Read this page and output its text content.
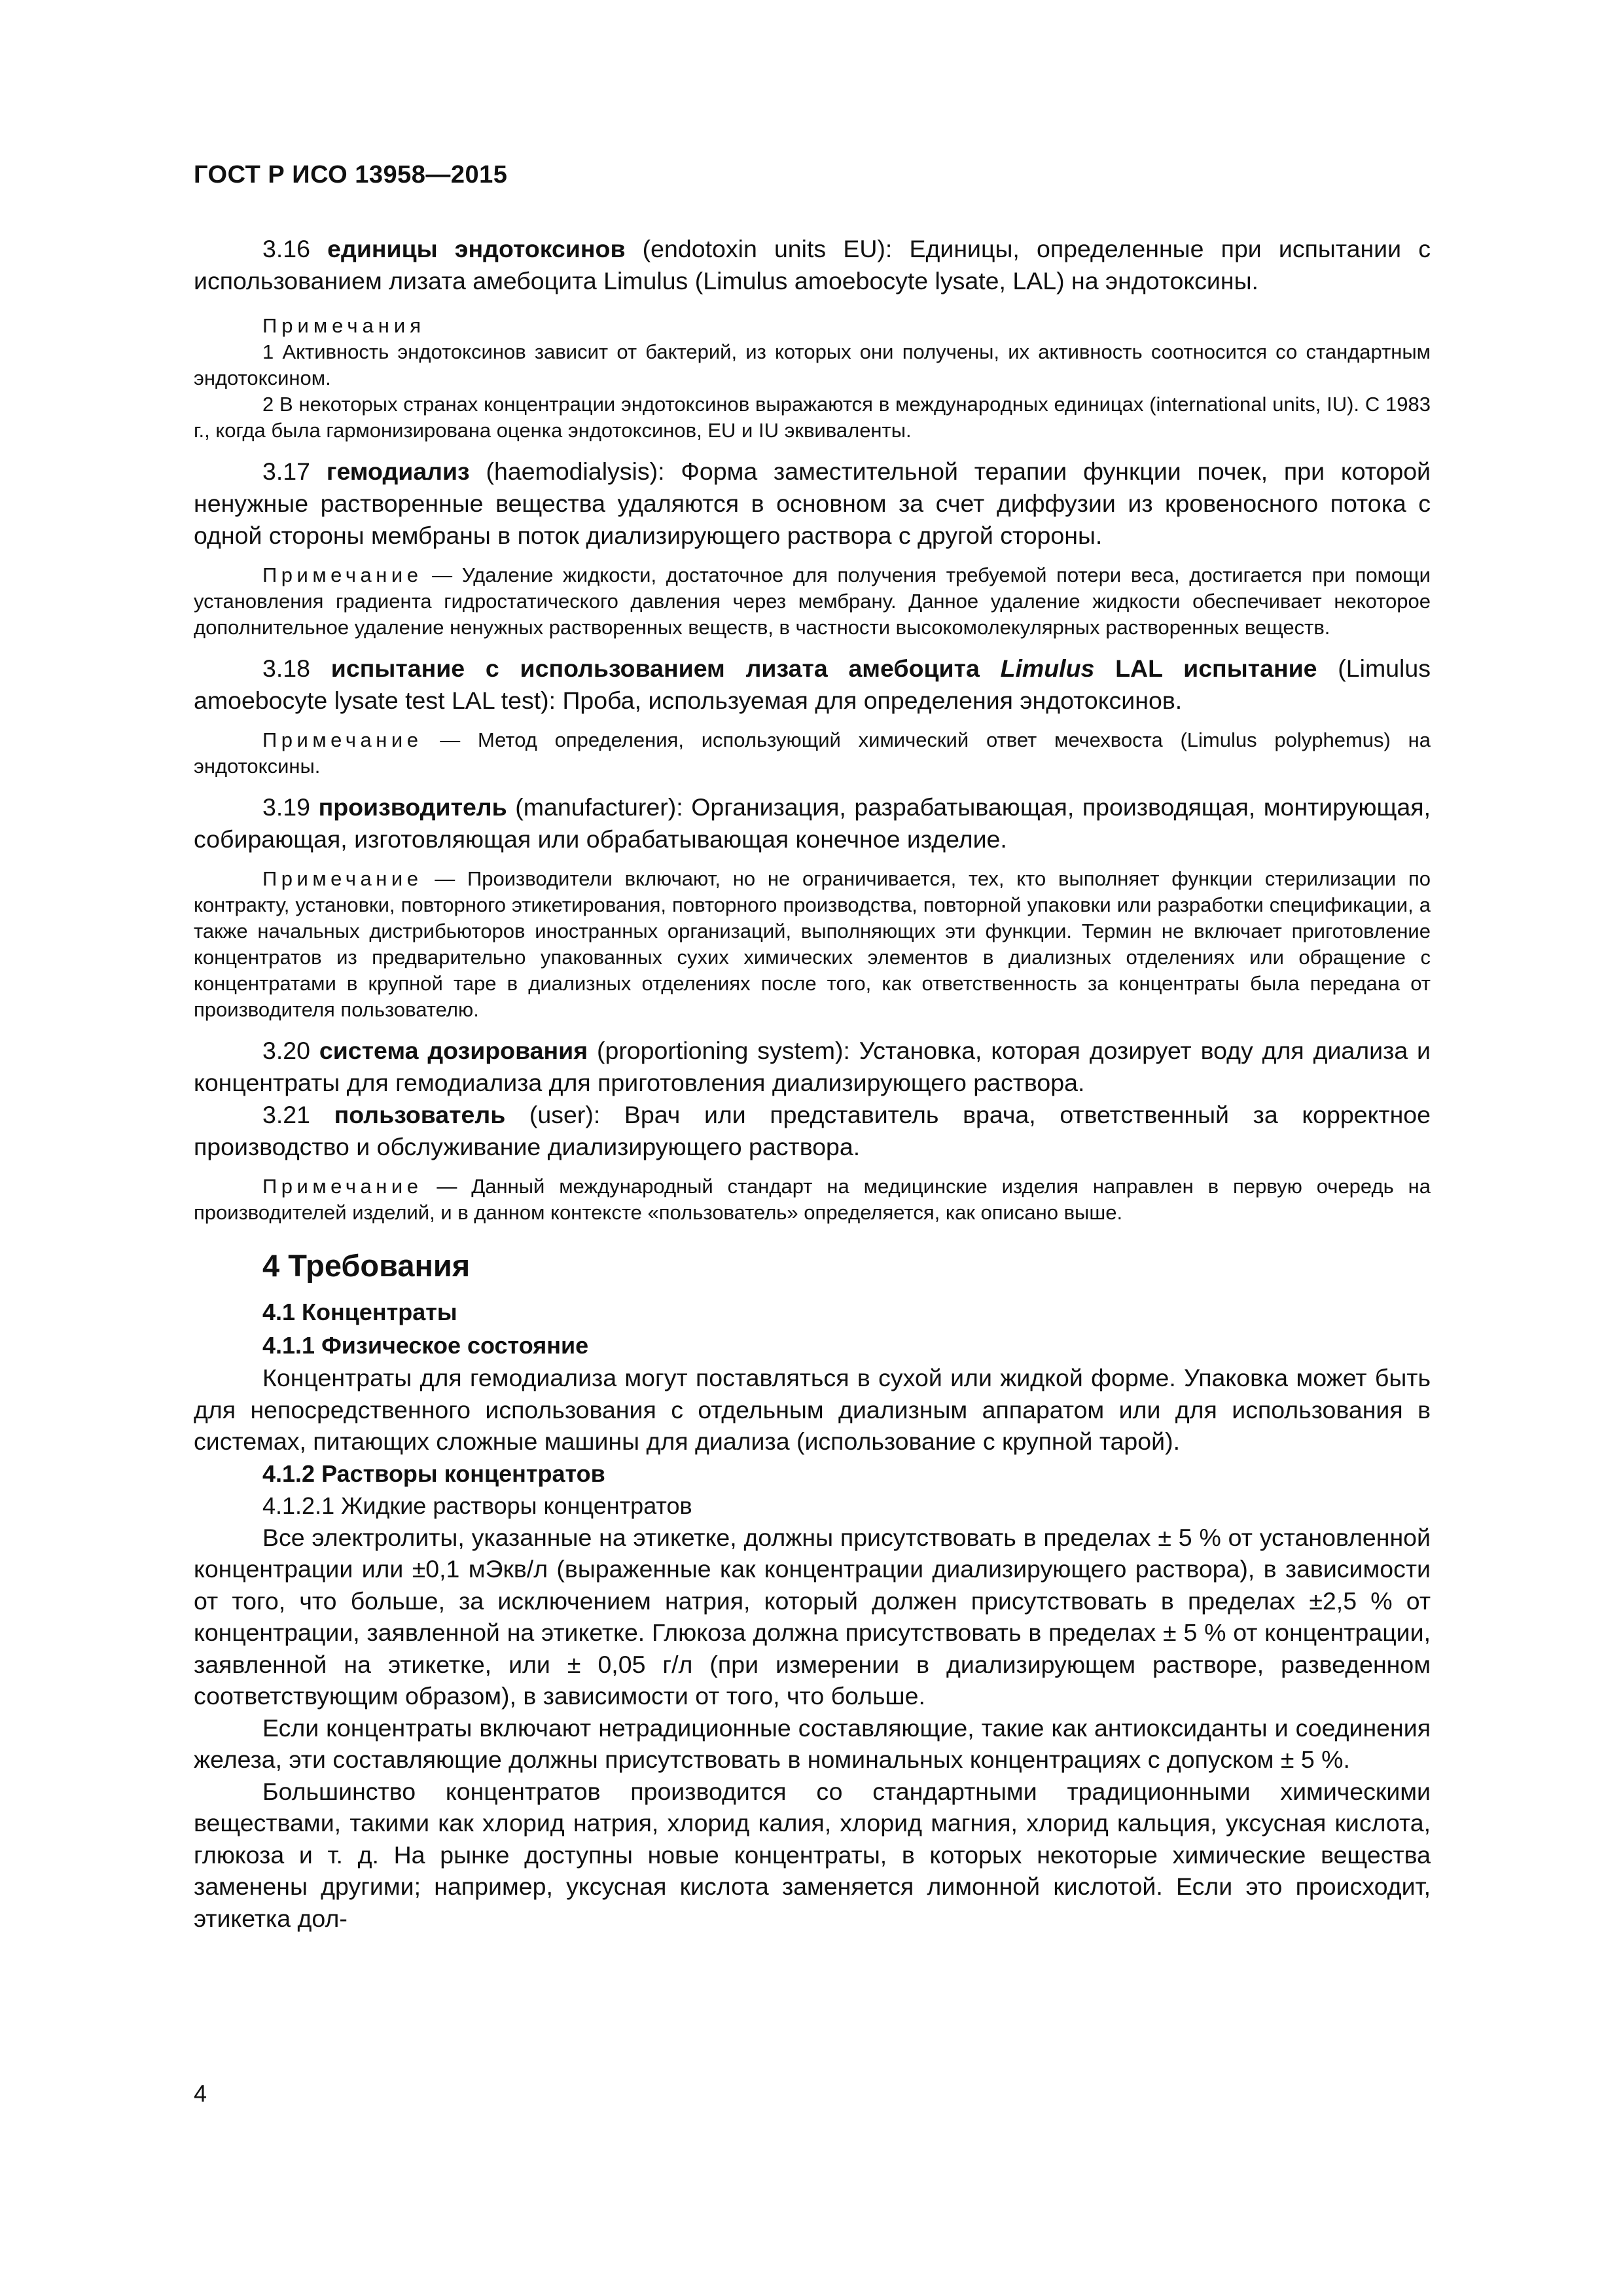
ГОСТ Р ИСО 13958—2015

3.16 единицы эндотоксинов (endotoxin units EU): Единицы, определенные при испытании с использованием лизата амебоцита Limulus (Limulus amoebocyte lysate, LAL) на эндотоксины.

Примечания

1 Активность эндотоксинов зависит от бактерий, из которых они получены, их активность соотносится со стандартным эндотоксином.

2 В некоторых странах концентрации эндотоксинов выражаются в международных единицах (international units, IU). С 1983 г., когда была гармонизирована оценка эндотоксинов, EU и IU эквиваленты.

3.17 гемодиализ (haemodialysis): Форма заместительной терапии функции почек, при которой ненужные растворенные вещества удаляются в основном за счет диффузии из кровеносного потока с одной стороны мембраны в поток диализирующего раствора с другой стороны.

Примечание — Удаление жидкости, достаточное для получения требуемой потери веса, достигается при помощи установления градиента гидростатического давления через мембрану. Данное удаление жидкости обеспечивает некоторое дополнительное удаление ненужных растворенных веществ, в частности высокомолекулярных растворенных веществ.

3.18 испытание с использованием лизата амебоцита Limulus LAL испытание (Limulus amoebocyte lysate test LAL test): Проба, используемая для определения эндотоксинов.

Примечание — Метод определения, использующий химический ответ мечехвоста (Limulus polyphemus) на эндотоксины.

3.19 производитель (manufacturer): Организация, разрабатывающая, производящая, монтирующая, собирающая, изготовляющая или обрабатывающая конечное изделие.

Примечание — Производители включают, но не ограничивается, тех, кто выполняет функции стерилизации по контракту, установки, повторного этикетирования, повторного производства, повторной упаковки или разработки спецификации, а также начальных дистрибьюторов иностранных организаций, выполняющих эти функции. Термин не включает приготовление концентратов из предварительно упакованных сухих химических элементов в диализных отделениях или обращение с концентратами в крупной таре в диализных отделениях после того, как ответственность за концентраты была передана от производителя пользователю.

3.20 система дозирования (proportioning system): Установка, которая дозирует воду для диализа и концентраты для гемодиализа для приготовления диализирующего раствора.

3.21 пользователь (user): Врач или представитель врача, ответственный за корректное производство и обслуживание диализирующего раствора.

Примечание — Данный международный стандарт на медицинские изделия направлен в первую очередь на производителей изделий, и в данном контексте «пользователь» определяется, как описано выше.

4 Требования
4.1 Концентраты
4.1.1 Физическое состояние

Концентраты для гемодиализа могут поставляться в сухой или жидкой форме. Упаковка может быть для непосредственного использования с отдельным диализным аппаратом или для использования в системах, питающих сложные машины для диализа (использование с крупной тарой).

4.1.2 Растворы концентратов
4.1.2.1 Жидкие растворы концентратов

Все электролиты, указанные на этикетке, должны присутствовать в пределах ± 5 % от установленной концентрации или ±0,1 мЭкв/л (выраженные как концентрации диализирующего раствора), в зависимости от того, что больше, за исключением натрия, который должен присутствовать в пределах ±2,5 % от концентрации, заявленной на этикетке. Глюкоза должна присутствовать в пределах ± 5 % от концентрации, заявленной на этикетке, или ± 0,05 г/л (при измерении в диализирующем растворе, разведенном соответствующим образом), в зависимости от того, что больше.

Если концентраты включают нетрадиционные составляющие, такие как антиоксиданты и соединения железа, эти составляющие должны присутствовать в номинальных концентрациях с допуском ± 5 %.

Большинство концентратов производится со стандартными традиционными химическими веществами, такими как хлорид натрия, хлорид калия, хлорид магния, хлорид кальция, уксусная кислота, глюкоза и т. д. На рынке доступны новые концентраты, в которых некоторые химические вещества заменены другими; например, уксусная кислота заменяется лимонной кислотой. Если это происходит, этикетка дол-

4
